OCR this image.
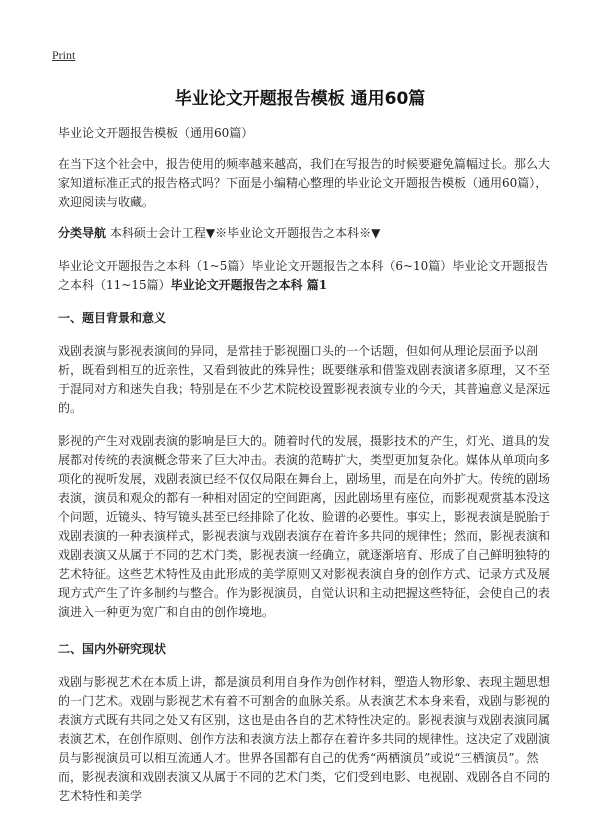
Print
毕业论文开题报告模板 通用60篇

毕业论文开题报告模板（通用60篇）

在当下这个社会中，报告使用的频率越来越高，我们在写报告的时候要避免篇幅过长。那么大家知道标准正式的报告格式吗？下面是小编精心整理的毕业论文开题报告模板（通用60篇），欢迎阅读与收藏。

分类导航 本科硕士会计工程▼※毕业论文开题报告之本科※▼

毕业论文开题报告之本科（1~5篇）毕业论文开题报告之本科（6~10篇）毕业论文开题报告之本科（11~15篇）毕业论文开题报告之本科 篇1

一、题目背景和意义

戏剧表演与影视表演间的异同，是常挂于影视圈口头的一个话题，但如何从理论层面予以剖析，既看到相互的近亲性，又看到彼此的殊异性；既要继承和借鉴戏剧表演诸多原理，又不至于混同对方和迷失自我；特别是在不少艺术院校设置影视表演专业的今天，其普遍意义是深远的。

影视的产生对戏剧表演的影响是巨大的。随着时代的发展，摄影技术的产生，灯光、道具的发展都对传统的表演概念带来了巨大冲击。表演的范畴扩大，类型更加复杂化。媒体从单项向多项化的视听发展，戏剧表演已经不仅仅局限在舞台上，剧场里，而是在向外扩大。传统的剧场表演，演员和观众的都有一种相对固定的空间距离，因此剧场里有座位，而影视观赏基本没这个问题，近镜头、特写镜头甚至已经排除了化妆、脸谱的必要性。事实上，影视表演是脱胎于戏剧表演的一种表演样式，影视表演与戏剧表演存在着许多共同的规律性；然而，影视表演和戏剧表演又从属于不同的艺术门类，影视表演一经确立，就逐渐培育、形成了自己鲜明独特的艺术特征。这些艺术特性及由此形成的美学原则又对影视表演自身的创作方式、记录方式及展现方式产生了许多制约与整合。作为影视演员，自觉认识和主动把握这些特征，会使自己的表演进入一种更为宽广和自由的创作境地。

二、国内外研究现状

戏剧与影视艺术在本质上讲，都是演员利用自身作为创作材料，塑造人物形象、表现主题思想的一门艺术。戏剧与影视艺术有着不可割舍的血脉关系。从表演艺术本身来看，戏剧与影视的表演方式既有共同之处又有区别，这也是由各自的艺术特性决定的。影视表演与戏剧表演同属表演艺术，在创作原则、创作方法和表演方法上都存在着许多共同的规律性。这决定了戏剧演员与影视演员可以相互流通人才。世界各国都有自己的优秀“两栖演员”或说“三栖演员”。然而，影视表演和戏剧表演又从属于不同的艺术门类，它们受到电影、电视剧、戏剧各自不同的艺术特性和美学
